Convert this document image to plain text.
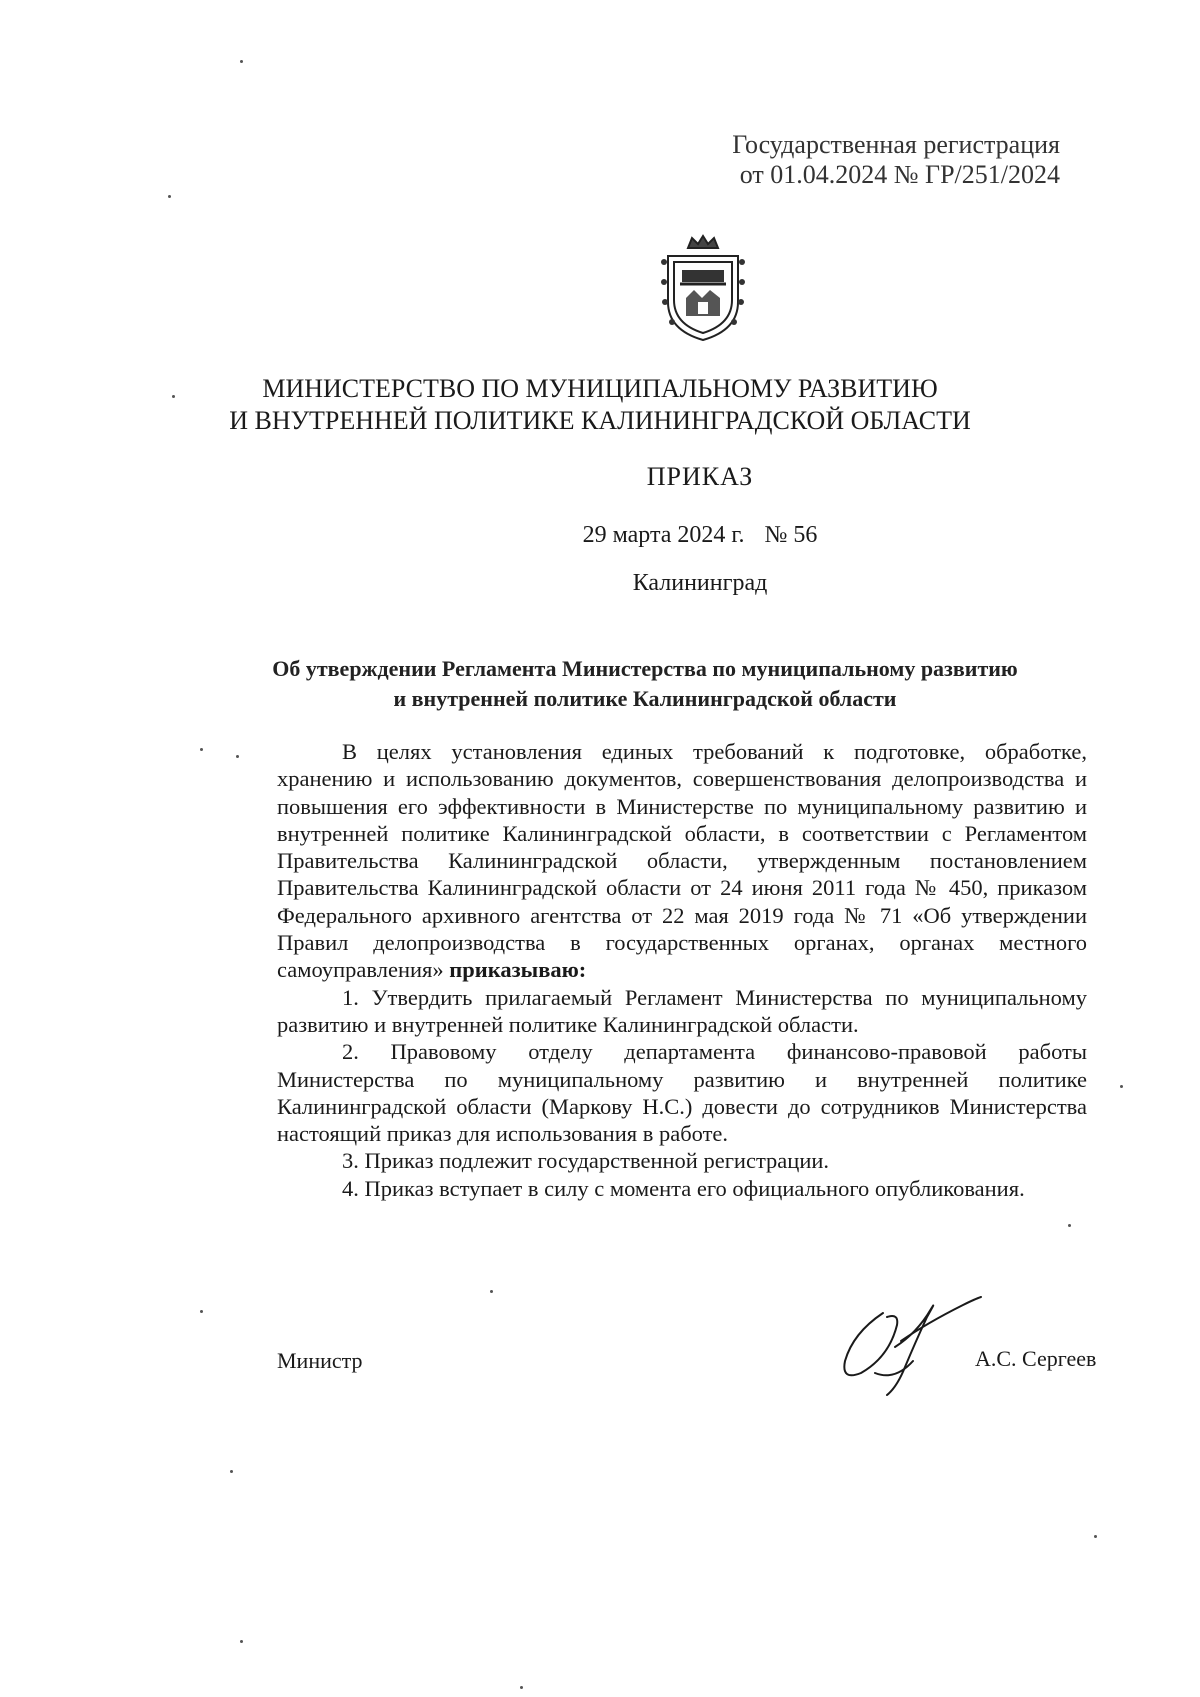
Государственная регистрация
от 01.04.2024 № ГР/251/2024
МИНИСТЕРСТВО ПО МУНИЦИПАЛЬНОМУ РАЗВИТИЮ
И ВНУТРЕННЕЙ ПОЛИТИКЕ КАЛИНИНГРАДСКОЙ ОБЛАСТИ
ПРИКАЗ
29 марта 2024 г. № 56
Калининград
Об утверждении Регламента Министерства по муниципальному развитию
и внутренней политике Калининградской области

В целях установления единых требований к подготовке, обработке, хранению и использованию документов, совершенствования делопроизводства и повышения его эффективности в Министерстве по муниципальному развитию и внутренней политике Калининградской области, в соответствии с Регламентом Правительства Калининградской области, утвержденным постановлением Правительства Калининградской области от 24 июня 2011 года № 450, приказом Федерального архивного агентства от 22 мая 2019 года № 71 «Об утверждении Правил делопроизводства в государственных органах, органах местного самоуправления» приказываю:

1. Утвердить прилагаемый Регламент Министерства по муниципальному развитию и внутренней политике Калининградской области.

2. Правовому отделу департамента финансово-правовой работы Министерства по муниципальному развитию и внутренней политике Калининградской области (Маркову Н.С.) довести до сотрудников Министерства настоящий приказ для использования в работе.

3. Приказ подлежит государственной регистрации.

4. Приказ вступает в силу с момента его официального опубликования.

Министр	А.С. Сергеев
